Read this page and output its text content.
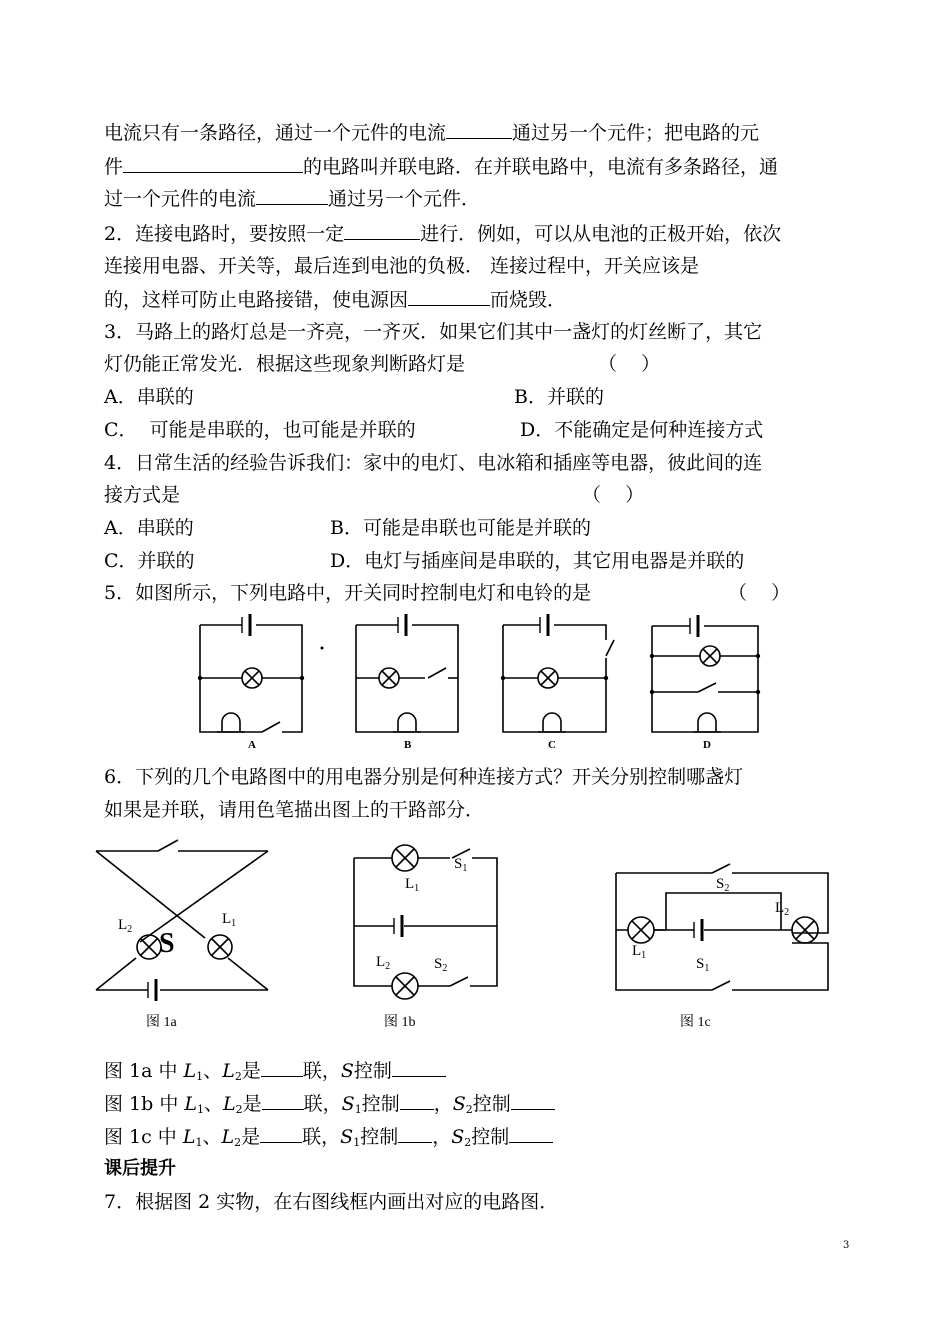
电流只有一条路径，通过一个元件的电流	通过另一个元件；把电路的元
件	的电路叫并联电路．在并联电路中，电流有多条路径，通
过一个元件的电流	通过另一个元件．
2．连接电路时，要按照一定	进行．例如，可以从电池的正极开始，依次
连接用电器、开关等，最后连到电池的负极． 连接过程中，开关应该是
的，这样可防止电路接错，使电源因	而烧毁．
3．马路上的路灯总是一齐亮，一齐灭．如果它们其中一盏灯的灯丝断了，其它
灯仍能正常发光．根据这些现象判断路灯是	（    ）
A．串联的	B．并联的
C．  可能是串联的，也可能是并联的	D．不能确定是何种连接方式
4．日常生活的经验告诉我们：家中的电灯、电冰箱和插座等电器，彼此间的连
接方式是	（    ）
A．串联的	B．可能是串联也可能是并联的
C．并联的	D．电灯与插座间是串联的，其它用电器是并联的
5．如图所示，下列电路中，开关同时控制电灯和电铃的是	（    ）
A	B	C	D
S
$L_2$
$L_1$
图 1a
$L_1$
$S_1$
$L_2$	$S_2$
图 1b
$S_2$
$L_2$
$L_1$
$S_1$
图 1c
6．下列的几个电路图中的用电器分别是何种连接方式？开关分别控制哪盏灯
如果是并联，请用色笔描出图上的干路部分．
图 1a 中 $L_1$、$L_2$是 联，S控制
图 1b 中 $L_1$、$L_2$是 联，$S_1$控制 ，$S_2$控制
图 1c 中 $L_1$、$L_2$是 联，$S_1$控制 ，$S_2$控制
课后提升
7．根据图 2 实物，在右图线框内画出对应的电路图．
3
